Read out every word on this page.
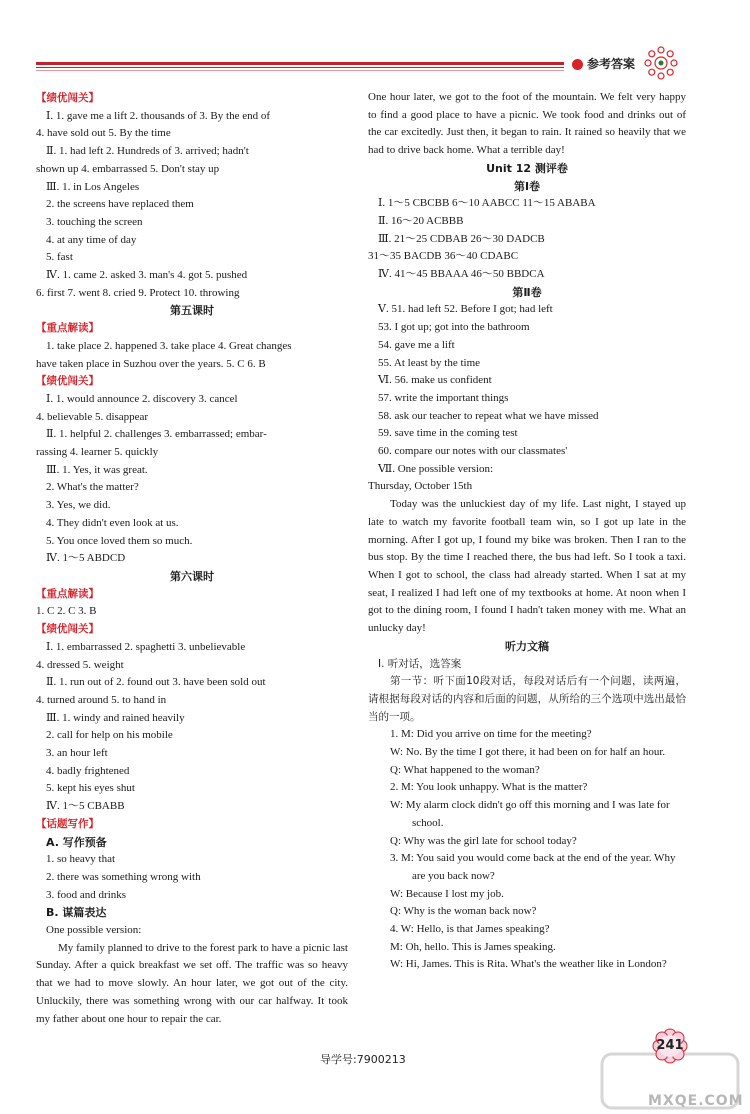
参考答案
【绩优闯关】
Ⅰ. 1. gave me a lift 2. thousands of 3. By the end of
4. have sold out 5. By the time
Ⅱ. 1. had left 2. Hundreds of 3. arrived; hadn't
shown up 4. embarrassed 5. Don't stay up
Ⅲ. 1. in Los Angeles
2. the screens have replaced them
3. touching the screen
4. at any time of day
5. fast
Ⅳ. 1. came 2. asked 3. man's 4. got 5. pushed
6. first 7. went 8. cried 9. Protect 10. throwing
第五课时
【重点解读】
1. take place 2. happened 3. take place 4. Great changes
have taken place in Suzhou over the years. 5. C 6. B
【绩优闯关】
Ⅰ. 1. would announce 2. discovery 3. cancel
4. believable 5. disappear
Ⅱ. 1. helpful 2. challenges 3. embarrassed; embar-
rassing 4. learner 5. quickly
Ⅲ. 1. Yes, it was great.
2. What's the matter?
3. Yes, we did.
4. They didn't even look at us.
5. You once loved them so much.
Ⅳ. 1～5 ABDCD
第六课时
【重点解读】
1. C 2. C 3. B
【绩优闯关】
Ⅰ. 1. embarrassed 2. spaghetti 3. unbelievable
4. dressed 5. weight
Ⅱ. 1. run out of 2. found out 3. have been sold out
4. turned around 5. to hand in
Ⅲ. 1. windy and rained heavily
2. call for help on his mobile
3. an hour left
4. badly frightened
5. kept his eyes shut
Ⅳ. 1～5 CBABB
【话题写作】
A. 写作预备
1. so heavy that
2. there was something wrong with
3. food and drinks
B. 谋篇表达
One possible version:
My family planned to drive to the forest park to have a picnic last Sunday. After a quick breakfast we set off. The traffic was so heavy that we had to move slowly. An hour later, we got out of the city. Unluckily, there was something wrong with our car halfway. It took my father about one hour to repair the car.
One hour later, we got to the foot of the mountain. We felt very happy to find a good place to have a picnic. We took food and drinks out of the car excitedly. Just then, it began to rain. It rained so heavily that we had to drive back home. What a terrible day!
Unit 12 测评卷
第Ⅰ卷
Ⅰ. 1～5 CBCBB 6～10 AABCC 11～15 ABABA
Ⅱ. 16～20 ACBBB
Ⅲ. 21～25 CDBAB 26～30 DADCB
31～35 BACDB 36～40 CDABC
Ⅳ. 41～45 BBAAA 46～50 BBDCA
第Ⅱ卷
Ⅴ. 51. had left 52. Before I got; had left
53. I got up; got into the bathroom
54. gave me a lift
55. At least by the time
Ⅵ. 56. make us confident
57. write the important things
58. ask our teacher to repeat what we have missed
59. save time in the coming test
60. compare our notes with our classmates'
Ⅶ. One possible version:
Thursday, October 15th
Today was the unluckiest day of my life. Last night, I stayed up late to watch my favorite football team win, so I got up late in the morning. After I got up, I found my bike was broken. Then I ran to the bus stop. By the time I reached there, the bus had left. So I took a taxi. When I got to school, the class had already started. When I sat at my seat, I realized I had left one of my textbooks at home. At noon when I got to the dining room, I found I hadn't taken money with me. What an unlucky day!
听力文稿
Ⅰ. 听对话，选答案
第一节：听下面10段对话，每段对话后有一个问题，读两遍，请根据每段对话的内容和后面的问题，从所给的三个选项中选出最恰当的一项。
1. M: Did you arrive on time for the meeting?
W: No. By the time I got there, it had been on for half an hour.
Q: What happened to the woman?
2. M: You look unhappy. What is the matter?
W: My alarm clock didn't go off this morning and I was late for school.
Q: Why was the girl late for school today?
3. M: You said you would come back at the end of the year. Why are you back now?
W: Because I lost my job.
Q: Why is the woman back now?
4. W: Hello, is that James speaking?
M: Oh, hello. This is James speaking.
W: Hi, James. This is Rita. What's the weather like in London?
导学号:7900213
MXQE.COM
241
